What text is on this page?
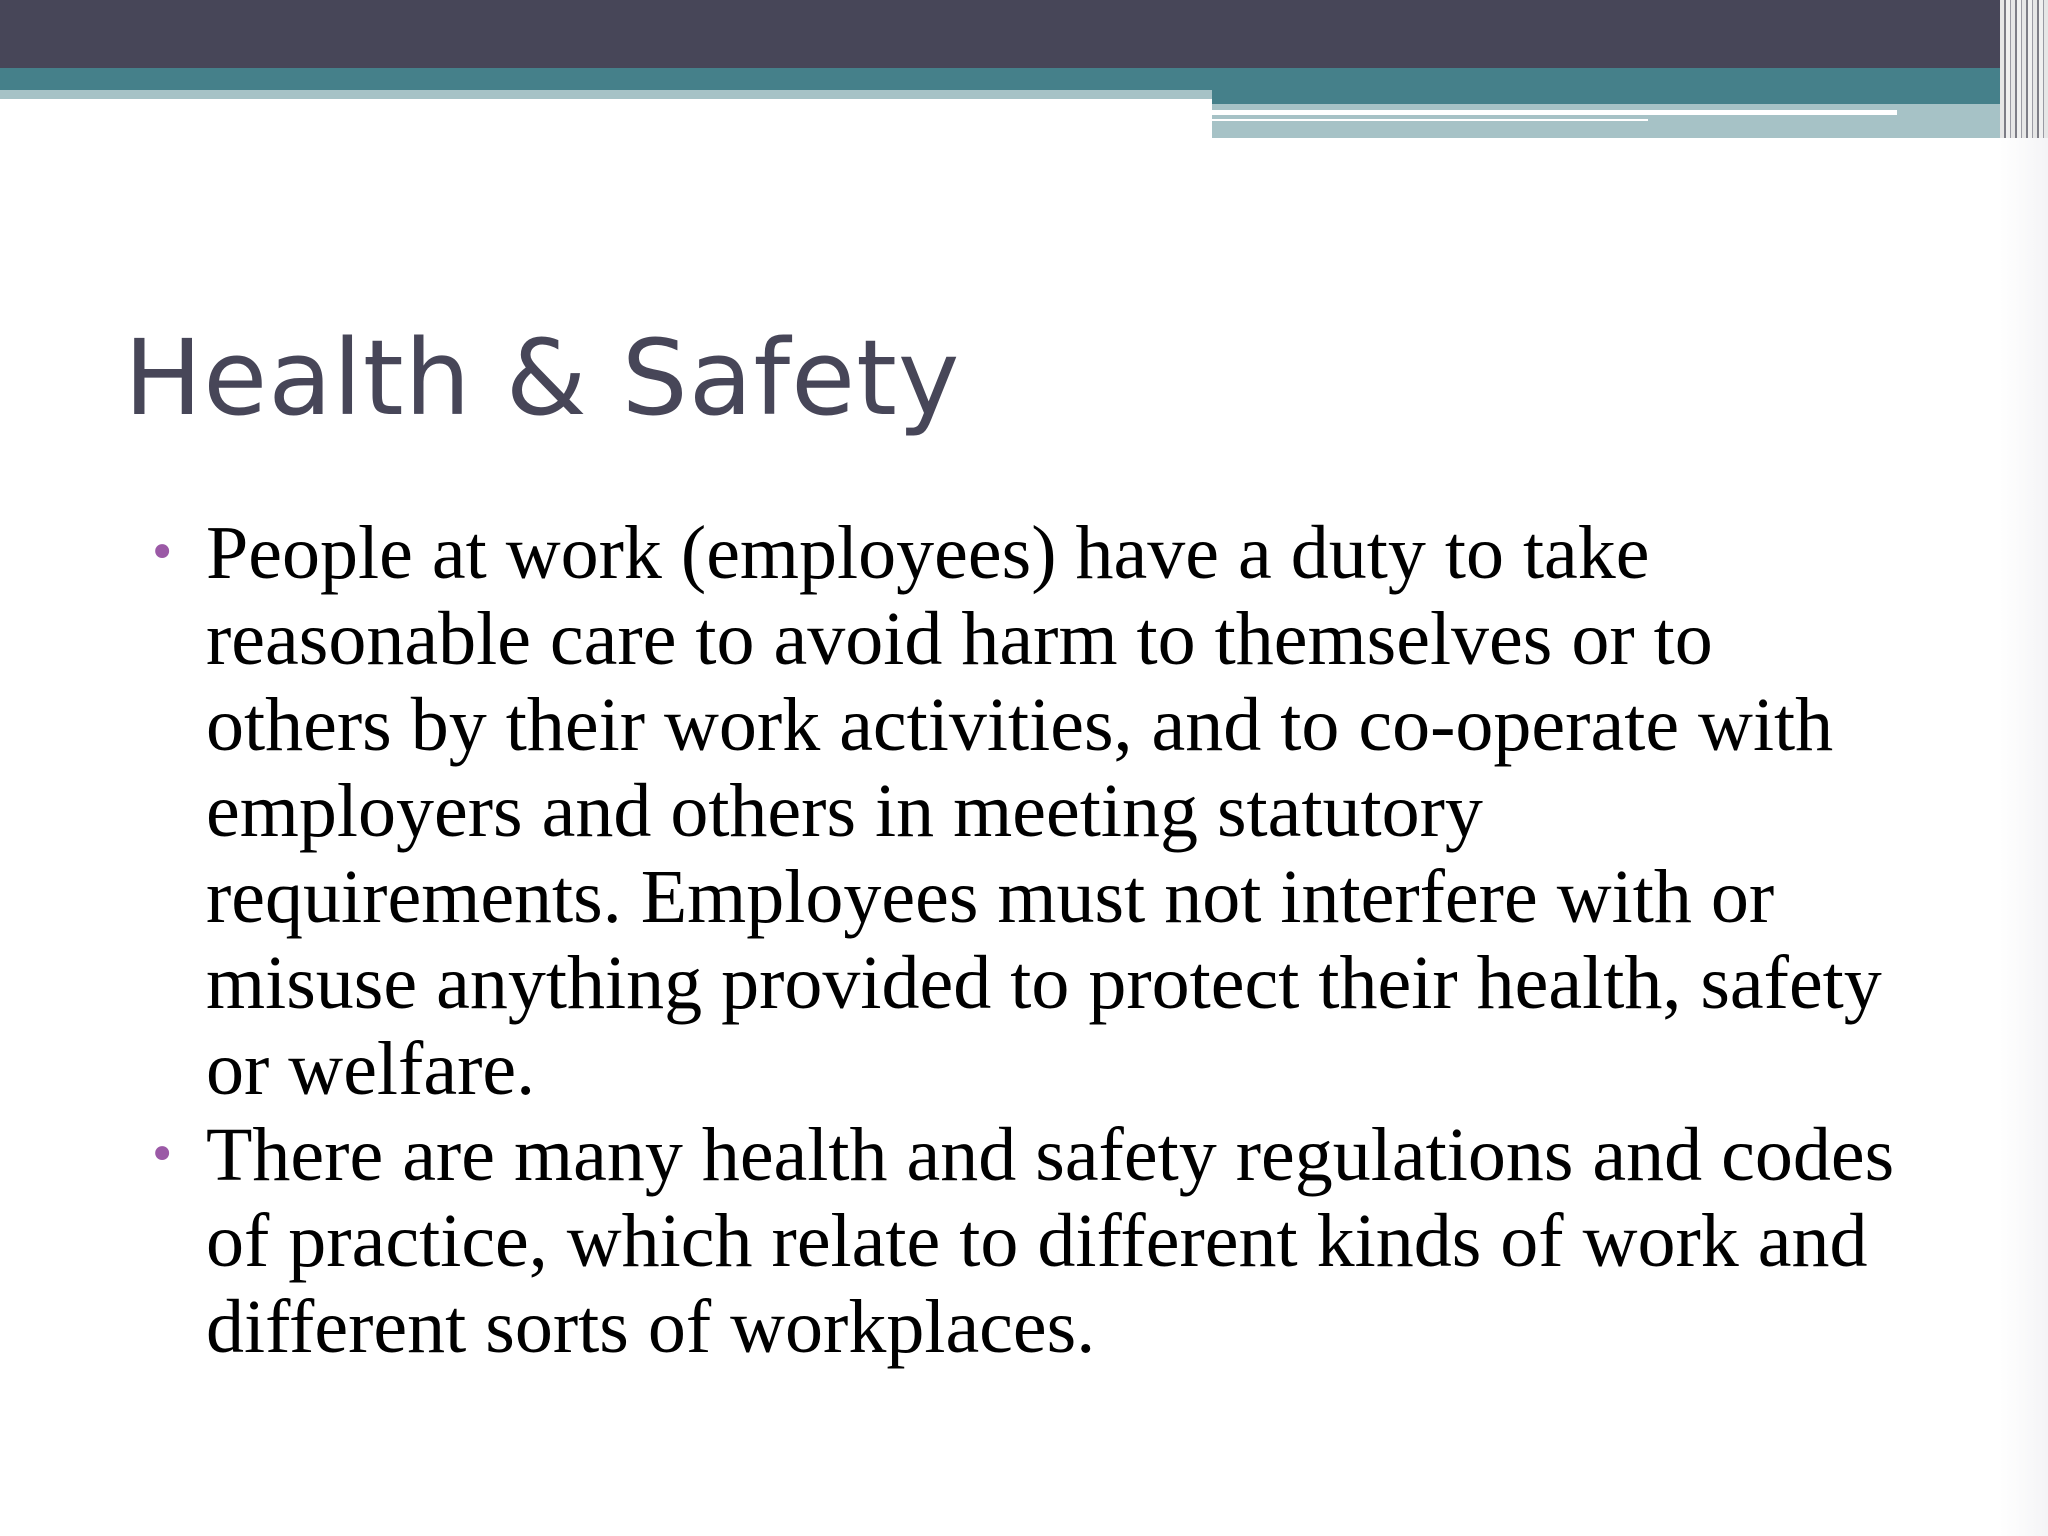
Health & Safety
• People at work (employees) have a duty to take reasonable care to avoid harm to themselves or to others by their work activities, and to co-operate with employers and others in meeting statutory requirements. Employees must not interfere with or misuse anything provided to protect their health, safety or welfare.
• There are many health and safety regulations and codes of practice, which relate to different kinds of work and different sorts of workplaces.
